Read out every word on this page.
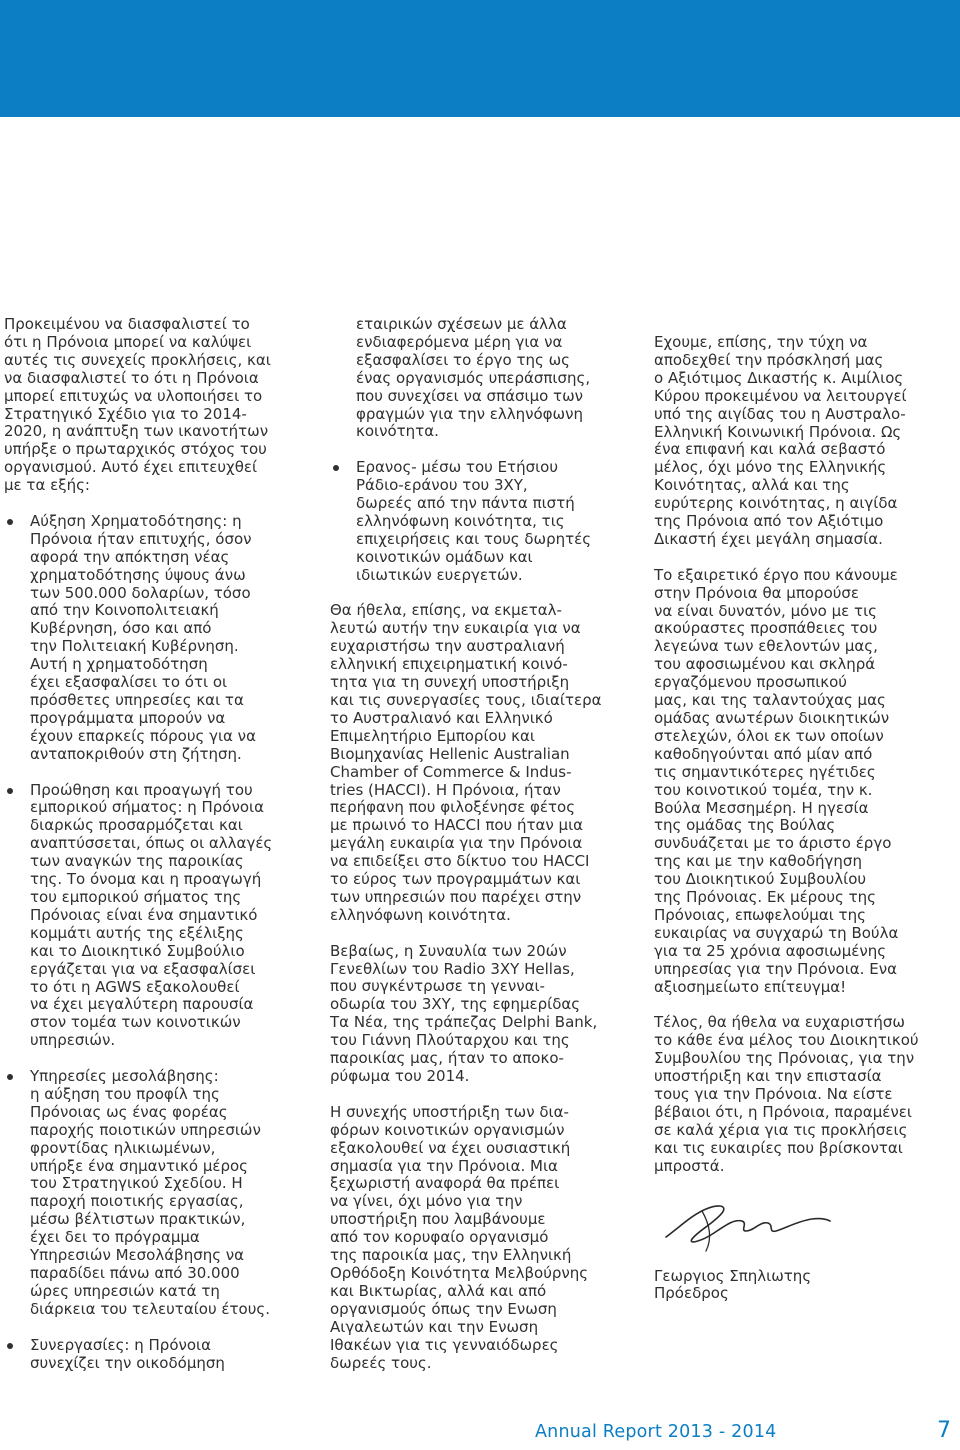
Προκειμένου να διασφαλιστεί το
ότι η Πρόνοια μπορεί να καλύψει
αυτές τις συνεχείς προκλήσεις, και
να διασφαλιστεί το ότι η Πρόνοια
μπορεί επιτυχώς να υλοποιήσει το
Στρατηγικό Σχέδιο για το 2014-
2020, η ανάπτυξη των ικανοτήτων
υπήρξε ο πρωταρχικός στόχος του
οργανισμού. Αυτό έχει επιτευχθεί
με τα εξής:

Αύξηση Χρηματοδότησης: η
Πρόνοια ήταν επιτυχής, όσον
αφορά την απόκτηση νέας
χρηματοδότησης ύψους άνω
των 500.000 δολαρίων, τόσο
από την Κοινοπολιτειακή
Κυβέρνηση, όσο και από
την Πολιτειακή Κυβέρνηση.
Αυτή η χρηματοδότηση
έχει εξασφαλίσει το ότι οι
πρόσθετες υπηρεσίες και τα
προγράμματα μπορούν να
έχουν επαρκείς πόρους για να
ανταποκριθούν στη ζήτηση.

Προώθηση και προαγωγή του
εμπορικού σήματος: η Πρόνοια
διαρκώς προσαρμόζεται και
αναπτύσσεται, όπως οι αλλαγές
των αναγκών της παροικίας
της. Το όνομα και η προαγωγή
του εμπορικού σήματος της
Πρόνοιας είναι ένα σημαντικό
κομμάτι αυτής της εξέλιξης
και το Διοικητικό Συμβούλιο
εργάζεται για να εξασφαλίσει
το ότι η AGWS εξακολουθεί
να έχει μεγαλύτερη παρουσία
στον τομέα των κοινοτικών
υπηρεσιών.

Υπηρεσίες μεσολάβησης:
η αύξηση του προφίλ της
Πρόνοιας ως ένας φορέας
παροχής ποιοτικών υπηρεσιών
φροντίδας ηλικιωμένων,
υπήρξε ένα σημαντικό μέρος
του Στρατηγικού Σχεδίου. Η
παροχή ποιοτικής εργασίας,
μέσω βέλτιστων πρακτικών,
έχει δει το πρόγραμμα
Υπηρεσιών Μεσολάβησης να
παραδίδει πάνω από 30.000
ώρες υπηρεσιών κατά τη
διάρκεια του τελευταίου έτους.

Συνεργασίες: η Πρόνοια
συνεχίζει την οικοδόμηση

εταιρικών σχέσεων με άλλα
ενδιαφερόμενα μέρη για να
εξασφαλίσει το έργο της ως
ένας οργανισμός υπεράσπισης,
που συνεχίσει να σπάσιμο των
φραγμών για την ελληνόφωνη
κοινότητα.

Ερανος- μέσω του Ετήσιου
Ράδιο-εράνου του 3XY,
δωρεές από την πάντα πιστή
ελληνόφωνη κοινότητα, τις
επιχειρήσεις και τους δωρητές
κοινοτικών ομάδων και
ιδιωτικών ευεργετών.

Θα ήθελα, επίσης, να εκμεταλ-
λευτώ αυτήν την ευκαιρία για να
ευχαριστήσω την αυστραλιανή
ελληνική επιχειρηματική κοινό-
τητα για τη συνεχή υποστήριξη
και τις συνεργασίες τους, ιδιαίτερα
το Αυστραλιανό και Ελληνικό
Επιμελητήριο Εμπορίου και
Βιομηχανίας Hellenic Australian
Chamber of Commerce & Indus-
tries (HACCI). Η Πρόνοια, ήταν
περήφανη που φιλοξένησε φέτος
με πρωινό το HACCI που ήταν μια
μεγάλη ευκαιρία για την Πρόνοια
να επιδείξει στο δίκτυο του HACCI
το εύρος των προγραμμάτων και
των υπηρεσιών που παρέχει στην
ελληνόφωνη κοινότητα.

Βεβαίως, η Συναυλία των 20ών
Γενεθλίων του Radio 3XY Hellas,
που συγκέντρωσε τη γενναι-
οδωρία του 3XY, της εφημερίδας
Τα Νέα, της τράπεζας Delphi Bank,
του Γιάννη Πλούταρχου και της
παροικίας μας, ήταν το αποκο-
ρύφωμα του 2014.

Η συνεχής υποστήριξη των δια-
φόρων κοινοτικών οργανισμών
εξακολουθεί να έχει ουσιαστική
σημασία για την Πρόνοια. Μια
ξεχωριστή αναφορά θα πρέπει
να γίνει, όχι μόνο για την
υποστήριξη που λαμβάνουμε
από τον κορυφαίο οργανισμό
της παροικία μας, την Ελληνική
Ορθόδοξη Κοινότητα Μελβούρνης
και Βικτωρίας, αλλά και από
οργανισμούς όπως την Ενωση
Αιγαλεωτών και την Ενωση
Ιθακέων για τις γενναιόδωρες
δωρεές τους.

Εχουμε, επίσης, την τύχη να
αποδεχθεί την πρόσκλησή μας
ο Αξιότιμος Δικαστής κ. Αιμίλιος
Κύρου προκειμένου να λειτουργεί
υπό της αιγίδας του η Αυστραλο-
Ελληνική Κοινωνική Πρόνοια. Ως
ένα επιφανή και καλά σεβαστό
μέλος, όχι μόνο της Ελληνικής
Κοινότητας, αλλά και της
ευρύτερης κοινότητας, η αιγίδα
της Πρόνοια από τον Αξιότιμο
Δικαστή έχει μεγάλη σημασία.

Το εξαιρετικό έργο που κάνουμε
στην Πρόνοια θα μπορούσε
να είναι δυνατόν, μόνο με τις
ακούραστες προσπάθειες του
λεγεώνα των εθελοντών μας,
του αφοσιωμένου και σκληρά
εργαζόμενου προσωπικού
μας, και της ταλαντούχας μας
ομάδας ανωτέρων διοικητικών
στελεχών, όλοι εκ των οποίων
καθοδηγούνται από μίαν από
τις σημαντικότερες ηγέτιδες
του κοινοτικού τομέα, την κ.
Βούλα Μεσσημέρη. Η ηγεσία
της ομάδας της Βούλας
συνδυάζεται με το άριστο έργο
της και με την καθοδήγηση
του Διοικητικού Συμβουλίου
της Πρόνοιας. Εκ μέρους της
Πρόνοιας, επωφελούμαι της
ευκαιρίας να συγχαρώ τη Βούλα
για τα 25 χρόνια αφοσιωμένης
υπηρεσίας για την Πρόνοια. Ενα
αξιοσημείωτο επίτευγμα!

Τέλος, θα ήθελα να ευχαριστήσω
το κάθε ένα μέλος του Διοικητικού
Συμβουλίου της Πρόνοιας, για την
υποστήριξη και την επιστασία
τους για την Πρόνοια. Να είστε
βέβαιοι ότι, η Πρόνοια, παραμένει
σε καλά χέρια για τις προκλήσεις
και τις ευκαιρίες που βρίσκονται
μπροστά.

Γεωργιος Σπηλιωτης

Πρόεδρος

Annual Report 2013 - 2014	7
